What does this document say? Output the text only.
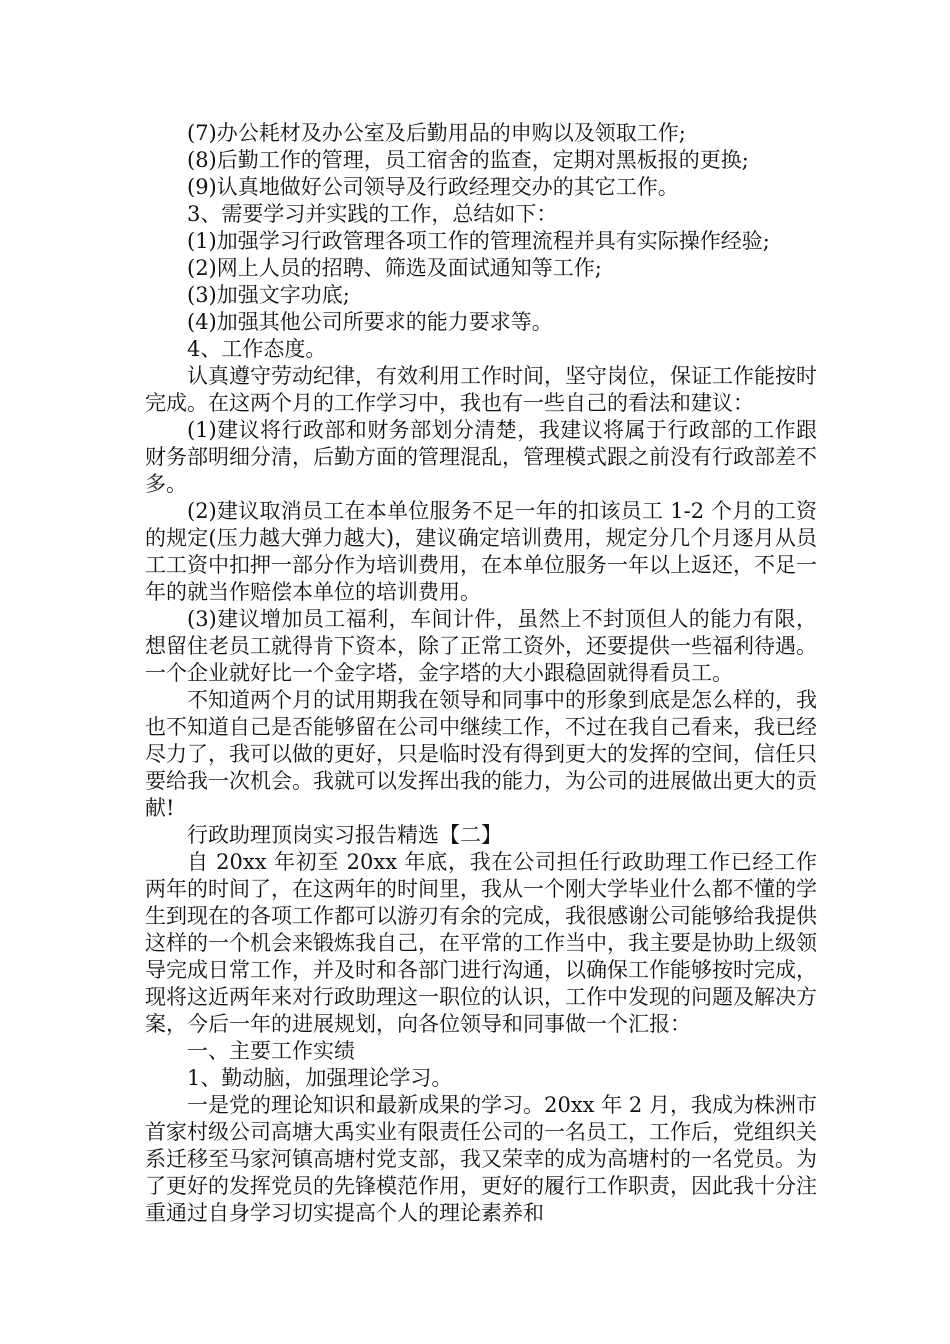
(7)办公耗材及办公室及后勤用品的申购以及领取工作;

(8)后勤工作的管理，员工宿舍的监查，定期对黑板报的更换;

(9)认真地做好公司领导及行政经理交办的其它工作。

3、需要学习并实践的工作，总结如下：

(1)加强学习行政管理各项工作的管理流程并具有实际操作经验;

(2)网上人员的招聘、筛选及面试通知等工作;

(3)加强文字功底;

(4)加强其他公司所要求的能力要求等。

4、工作态度。

认真遵守劳动纪律，有效利用工作时间，坚守岗位，保证工作能按时完成。在这两个月的工作学习中，我也有一些自己的看法和建议：

(1)建议将行政部和财务部划分清楚，我建议将属于行政部的工作跟财务部明细分清，后勤方面的管理混乱，管理模式跟之前没有行政部差不多。

(2)建议取消员工在本单位服务不足一年的扣该员工 1-2 个月的工资的规定(压力越大弹力越大)，建议确定培训费用，规定分几个月逐月从员工工资中扣押一部分作为培训费用，在本单位服务一年以上返还，不足一年的就当作赔偿本单位的培训费用。

(3)建议增加员工福利，车间计件，虽然上不封顶但人的能力有限，想留住老员工就得肯下资本，除了正常工资外，还要提供一些福利待遇。一个企业就好比一个金字塔，金字塔的大小跟稳固就得看员工。

不知道两个月的试用期我在领导和同事中的形象到底是怎么样的，我也不知道自己是否能够留在公司中继续工作，不过在我自己看来，我已经尽力了，我可以做的更好，只是临时没有得到更大的发挥的空间，信任只要给我一次机会。我就可以发挥出我的能力，为公司的进展做出更大的贡献!

行政助理顶岗实习报告精选【二】

自 20xx 年初至 20xx 年底，我在公司担任行政助理工作已经工作两年的时间了，在这两年的时间里，我从一个刚大学毕业什么都不懂的学生到现在的各项工作都可以游刃有余的完成，我很感谢公司能够给我提供这样的一个机会来锻炼我自己，在平常的工作当中，我主要是协助上级领导完成日常工作，并及时和各部门进行沟通，以确保工作能够按时完成，现将这近两年来对行政助理这一职位的认识，工作中发现的问题及解决方案，今后一年的进展规划，向各位领导和同事做一个汇报：

一、主要工作实绩

1、勤动脑，加强理论学习。

一是党的理论知识和最新成果的学习。20xx 年 2 月，我成为株洲市首家村级公司高塘大禹实业有限责任公司的一名员工，工作后，党组织关系迁移至马家河镇高塘村党支部，我又荣幸的成为高塘村的一名党员。为了更好的发挥党员的先锋模范作用，更好的履行工作职责，因此我十分注重通过自身学习切实提高个人的理论素养和
